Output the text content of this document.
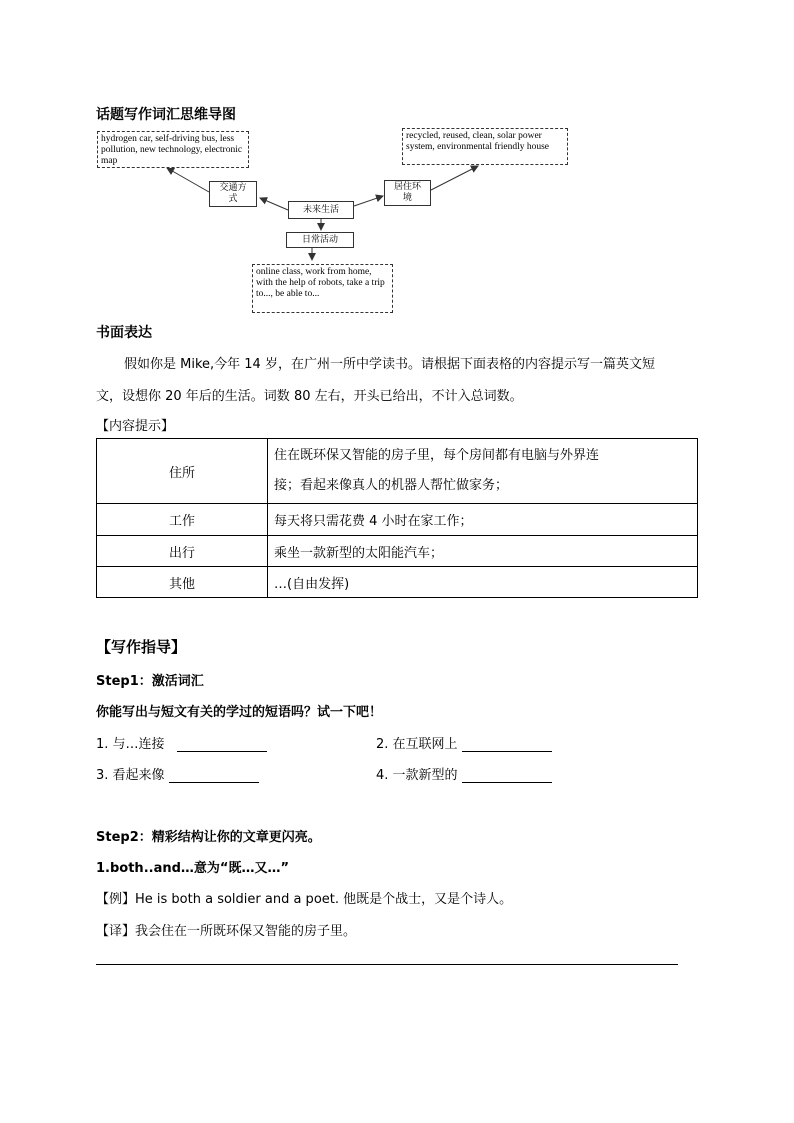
话题写作词汇思维导图
hydrogen car, self-driving bus, less pollution, new technology, electronic map
recycled, reused, clean, solar power system, environmental friendly house
online class, work from home, with the help of robots, take a trip to..., be able to...
交通方式
未来生活
居住环境
日常活动
书面表达
假如你是 Mike,今年 14 岁，在广州一所中学读书。请根据下面表格的内容提示写一篇英文短
文，设想你 20 年后的生活。词数 80 左右，开头已给出，不计入总词数。
【内容提示】
住所	住在既环保又智能的房子里，每个房间都有电脑与外界连
接；看起来像真人的机器人帮忙做家务；

工作	每天将只需花费 4 小时在家工作；
出行	乘坐一款新型的太阳能汽车；
其他	…(自由发挥)
【写作指导】
Step1：激活词汇
你能写出与短文有关的学过的短语吗？试一下吧！
1. 与…连接	2. 在互联网上
3. 看起来像	4. 一款新型的
Step2：精彩结构让你的文章更闪亮。
1.both..and…意为“既…又…”
【例】He is both a soldier and a poet. 他既是个战士，又是个诗人。
【译】我会住在一所既环保又智能的房子里。
